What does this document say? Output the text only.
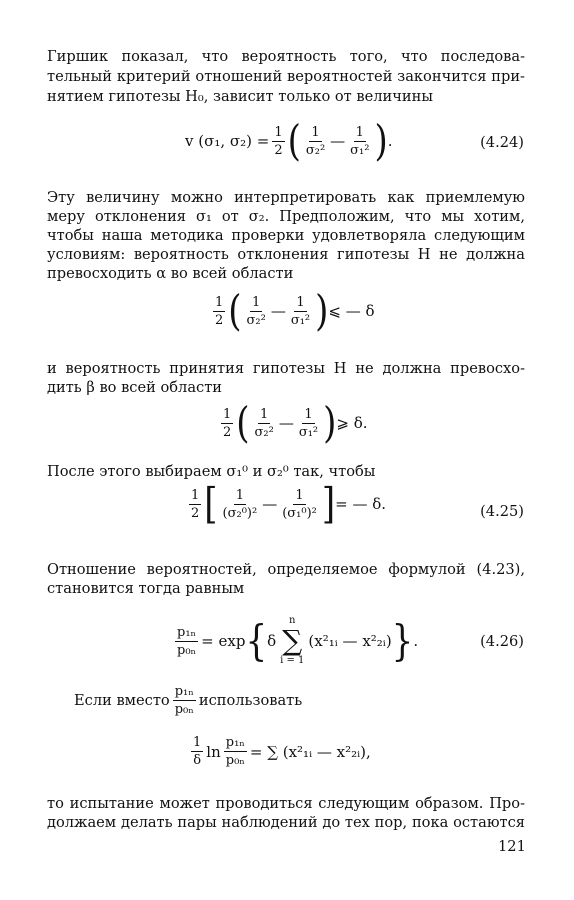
Гиршик показал, что вероятность того, что последова-
тельный критерий отношений вероятностей закончится при-
нятием гипотезы H₀, зависит только от величины
v (σ₁, $\sigma_2) = \frac{1}{2}$ ( $\frac{1}{\text{σ₂²}}$ — $\frac{1}{\text{σ₁²}}$ ) .	(4.24)
Эту величину можно интерпретировать как приемлемую
меру отклонения σ₁ от σ₂. Предположим, что мы хотим,
чтобы наша методика проверки удовлетворяла следующим
условиям: вероятность отклонения гипотезы H не должна
превосходить α во всей области
$\frac{1}{2}$ ( $\frac{1}{\text{σ₂²}}$ — $\frac{1}{\text{σ₁²}}$ ) ⩽ — δ
и вероятность принятия гипотезы H не должна превосхо-
дить β во всей области
$\frac{1}{2}$ ( $\frac{1}{\text{σ₂²}}$ — $\frac{1}{\text{σ₁²}}$ ) ⩾ δ.
После этого выбираем σ₁⁰ и σ₂⁰ так, чтобы
$\frac{1}{2}$ [ $\frac{1}{\text{(σ₂⁰)²}}$ — $\frac{1}{\text{(σ₁⁰)²}}$ ] = — δ.	(4.25)
Отношение вероятностей, определяемое формулой (4.23),
становится тогда равным
$\frac{\text{p₁ₙ}}{\text{p₀ₙ}} = \exp$ { δ
n
∑
i = 1
(x²₁ᵢ — x²₂ᵢ) } .	(4.26)
Если вместо $\frac{\text{p₁ₙ}}{\text{p₀ₙ}}$ использовать
$\frac{1}{\delta}$ $\ln \frac{\text{p₁ₙ}}{\text{p₀ₙ}}$ = ∑ (x²₁ᵢ — x²₂ᵢ),
то испытание может проводиться следующим образом. Про-
должаем делать пары наблюдений до тех пор, пока остаются
121
